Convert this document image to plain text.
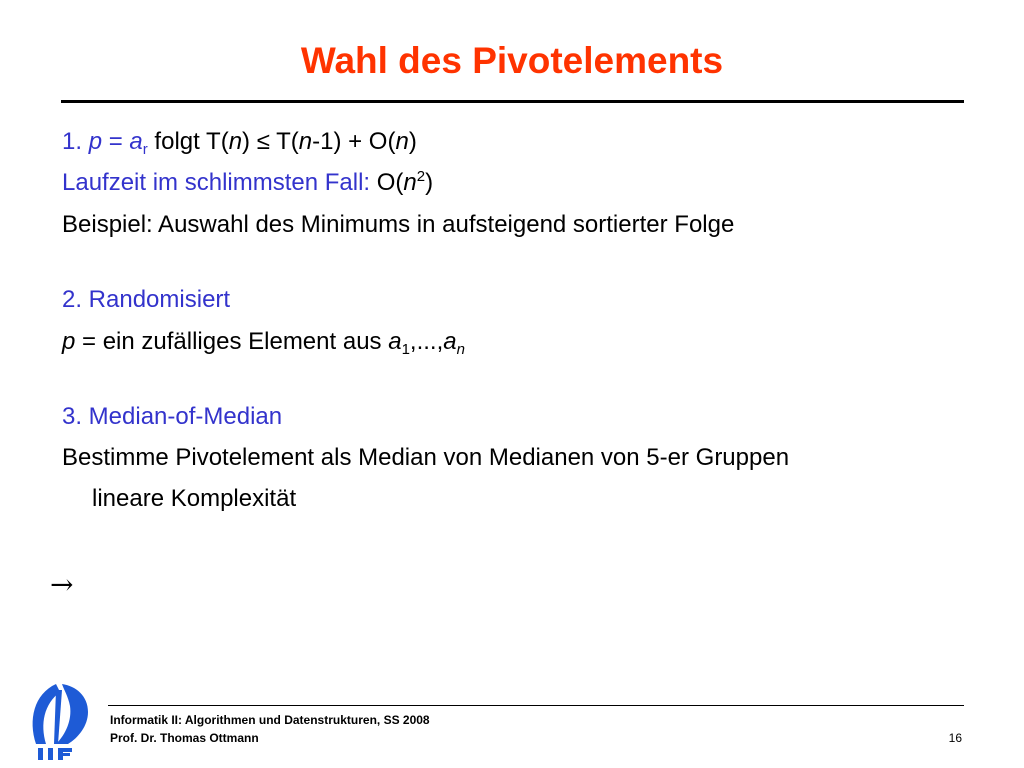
Wahl des Pivotelements
1. $p = a_r$ folgt T(n) ≤ T(n-1) + O(n)
Laufzeit im schlimmsten Fall: $O(n^2)$
Beispiel: Auswahl des Minimums in aufsteigend sortierter Folge
2. Randomisiert
p = ein zufälliges Element aus $a_1,...,a_n$
3. Median-of-Median
Bestimme Pivotelement als Median von Medianen von 5-er Gruppen
lineare Komplexität
→
Informatik II: Algorithmen und Datenstrukturen, SS 2008
Prof. Dr. Thomas Ottmann	16
